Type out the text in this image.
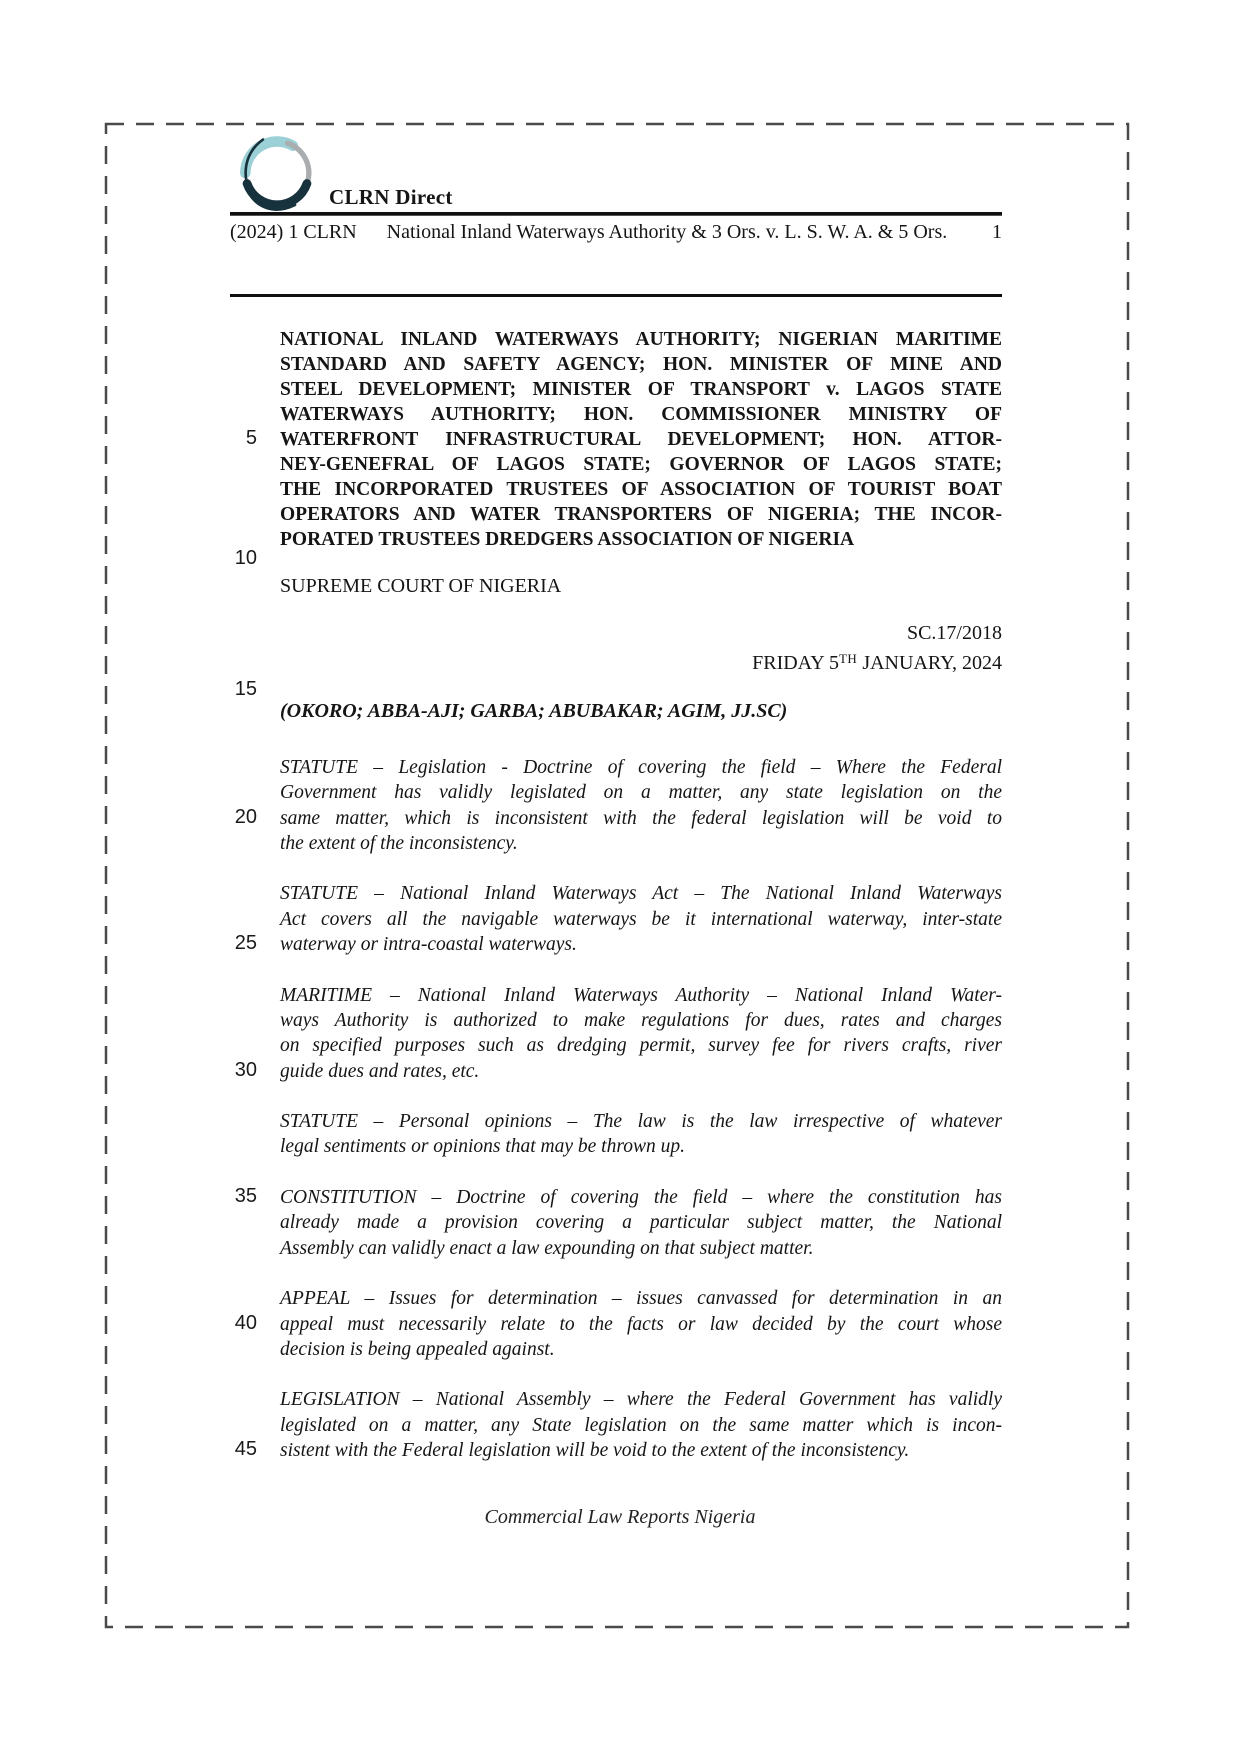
CLRN Direct
(2024) 1 CLRN National Inland Waterways Authority & 3 Ors. v. L. S. W. A. & 5 Ors.	1
5
10
15
20
25
30
35
40
45
NATIONAL INLAND WATERWAYS AUTHORITY; NIGERIAN MARITIME
STANDARD AND SAFETY AGENCY; HON. MINISTER OF MINE AND
STEEL DEVELOPMENT; MINISTER OF TRANSPORT v. LAGOS STATE
WATERWAYS AUTHORITY; HON. COMMISSIONER MINISTRY OF
WATERFRONT INFRASTRUCTURAL DEVELOPMENT; HON. ATTOR-
NEY-GENEFRAL OF LAGOS STATE; GOVERNOR OF LAGOS STATE;
THE INCORPORATED TRUSTEES OF ASSOCIATION OF TOURIST BOAT
OPERATORS AND WATER TRANSPORTERS OF NIGERIA; THE INCOR-
PORATED TRUSTEES DREDGERS ASSOCIATION OF NIGERIA
SUPREME COURT OF NIGERIA
SC.17/2018
FRIDAY 5TH JANUARY, 2024
(OKORO; ABBA-AJI; GARBA; ABUBAKAR; AGIM, JJ.SC)
STATUTE – Legislation - Doctrine of covering the field – Where the Federal
Government has validly legislated on a matter, any state legislation on the
same matter, which is inconsistent with the federal legislation will be void to
the extent of the inconsistency.
STATUTE – National Inland Waterways Act – The National Inland Waterways
Act covers all the navigable waterways be it international waterway, inter-state
waterway or intra-coastal waterways.
MARITIME – National Inland Waterways Authority – National Inland Water-
ways Authority is authorized to make regulations for dues, rates and charges
on specified purposes such as dredging permit, survey fee for rivers crafts, river
guide dues and rates, etc.
STATUTE – Personal opinions – The law is the law irrespective of whatever
legal sentiments or opinions that may be thrown up.
CONSTITUTION – Doctrine of covering the field – where the constitution has
already made a provision covering a particular subject matter, the National
Assembly can validly enact a law expounding on that subject matter.
APPEAL – Issues for determination – issues canvassed for determination in an
appeal must necessarily relate to the facts or law decided by the court whose
decision is being appealed against.
LEGISLATION – National Assembly – where the Federal Government has validly
legislated on a matter, any State legislation on the same matter which is incon-
sistent with the Federal legislation will be void to the extent of the inconsistency.
Commercial Law Reports Nigeria
